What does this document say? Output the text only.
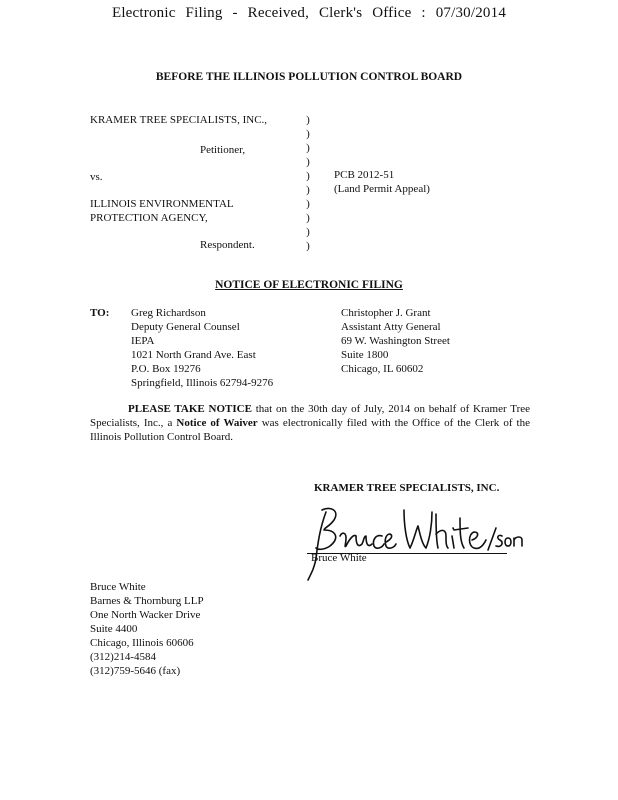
Electronic Filing - Received, Clerk's Office : 07/30/2014
BEFORE THE ILLINOIS POLLUTION CONTROL BOARD
KRAMER TREE SPECIALISTS, INC.,
Petitioner,
vs.
ILLINOIS ENVIRONMENTAL
PROTECTION AGENCY,
Respondent.
)
)
)
)
)
)
)
)
)
)
PCB 2012-51
(Land Permit Appeal)
NOTICE OF ELECTRONIC FILING
TO: Greg Richardson
Deputy General Counsel
IEPA
1021 North Grand Ave. East
P.O. Box 19276
Springfield, Illinois 62794-9276
Christopher J. Grant
Assistant Atty General
69 W. Washington Street
Suite 1800
Chicago, IL 60602
PLEASE TAKE NOTICE that on the 30th day of July, 2014 on behalf of Kramer Tree Specialists, Inc., a Notice of Waiver was electronically filed with the Office of the Clerk of the Illinois Pollution Control Board.
KRAMER TREE SPECIALISTS, INC.
Bruce White
Bruce White
Barnes & Thornburg LLP
One North Wacker Drive
Suite 4400
Chicago, Illinois 60606
(312)214-4584
(312)759-5646 (fax)
